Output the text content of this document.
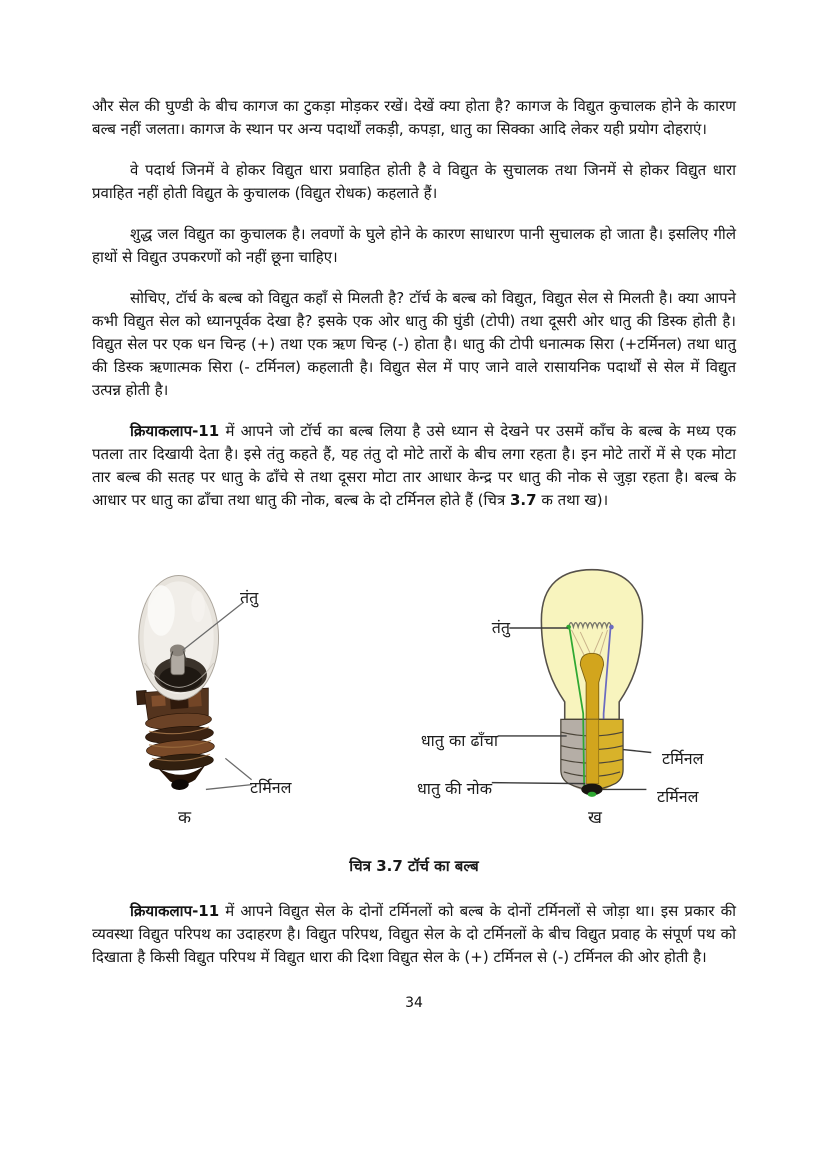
और सेल की घुण्डी के बीच कागज का टुकड़ा मोड़कर रखें। देखें क्या होता है? कागज के विद्युत कुचालक होने के कारण बल्ब नहीं जलता। कागज के स्थान पर अन्य पदार्थों लकड़ी, कपड़ा, धातु का सिक्का आदि लेकर यही प्रयोग दोहराएं।

वे पदार्थ जिनमें वे होकर विद्युत धारा प्रवाहित होती है वे विद्युत के सुचालक तथा जिनमें से होकर विद्युत धारा प्रवाहित नहीं होती विद्युत के कुचालक (विद्युत रोधक) कहलाते हैं।

शुद्ध जल विद्युत का कुचालक है। लवणों के घुले होने के कारण साधारण पानी सुचालक हो जाता है। इसलिए गीले हाथों से विद्युत उपकरणों को नहीं छूना चाहिए।

सोचिए, टॉर्च के बल्ब को विद्युत कहाँ से मिलती है? टॉर्च के बल्ब को विद्युत, विद्युत सेल से मिलती है। क्या आपने कभी विद्युत सेल को ध्यानपूर्वक देखा है? इसके एक ओर धातु की घुंडी (टोपी) तथा दूसरी ओर धातु की डिस्क होती है। विद्युत सेल पर एक धन चिन्ह (+) तथा एक ऋण चिन्ह (-) होता है। धातु की टोपी धनात्मक सिरा (+टर्मिनल) तथा धातु की डिस्क ऋणात्मक सिरा (- टर्मिनल) कहलाती है। विद्युत सेल में पाए जाने वाले रासायनिक पदार्थों से सेल में विद्युत उत्पन्न होती है।

क्रियाकलाप-11 में आपने जो टॉर्च का बल्ब लिया है उसे ध्यान से देखने पर उसमें काँच के बल्ब के मध्य एक पतला तार दिखायी देता है। इसे तंतु कहते हैं, यह तंतु दो मोटे तारों के बीच लगा रहता है। इन मोटे तारों में से एक मोटा तार बल्ब की सतह पर धातु के ढाँचे से तथा दूसरा मोटा तार आधार केन्द्र पर धातु की नोक से जुड़ा रहता है। बल्ब के आधार पर धातु का ढाँचा तथा धातु की नोक, बल्ब के दो टर्मिनल होते हैं (चित्र 3.7 क तथा ख)।

तंतु
टर्मिनल
क
तंतु
धातु का ढाँचा
धातु की नोक
टर्मिनल
टर्मिनल
ख
चित्र 3.7 टॉर्च का बल्ब

क्रियाकलाप-11 में आपने विद्युत सेल के दोनों टर्मिनलों को बल्ब के दोनों टर्मिनलों से जोड़ा था। इस प्रकार की व्यवस्था विद्युत परिपथ का उदाहरण है। विद्युत परिपथ, विद्युत सेल के दो टर्मिनलों के बीच विद्युत प्रवाह के संपूर्ण पथ को दिखाता है किसी विद्युत परिपथ में विद्युत धारा की दिशा विद्युत सेल के (+) टर्मिनल से (-) टर्मिनल की ओर होती है।

34
